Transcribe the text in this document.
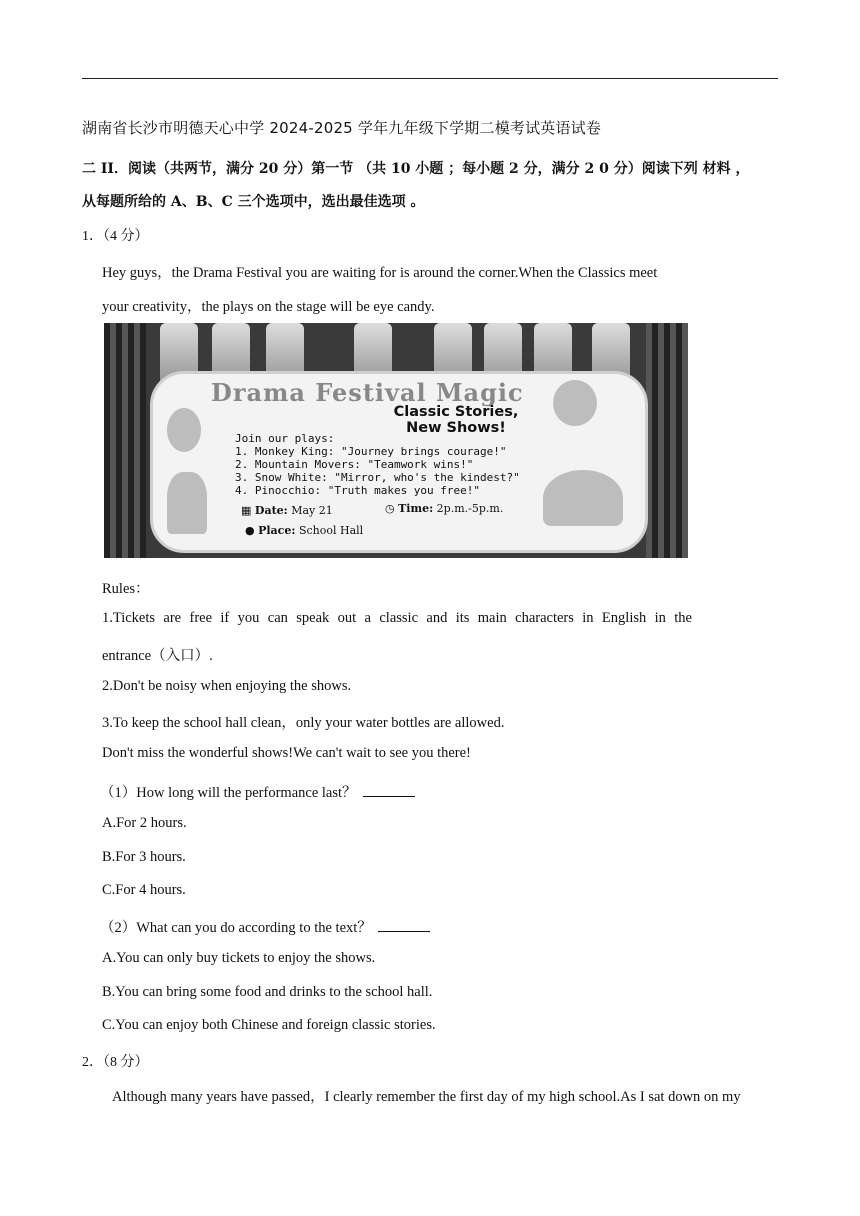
湖南省长沙市明德天心中学 2024-2025 学年九年级下学期二模考试英语试卷
二 II．阅读（共两节，满分 20 分）第一节 （共 10 小题 ；每小题 2 分，满分 2 0 分）阅读下列 材料 ，
从每题所给的 A、B、C 三个选项中，选出最佳选项 。
1．（4 分）
Hey guys，the Drama Festival you are waiting for is around the corner.When the Classics meet
your creativity，the plays on the stage will be eye candy.
Drama Festival Magic
Classic Stories, New Shows!
Join our plays:
1. Monkey King: "Journey brings courage!"
2. Mountain Movers: "Teamwork wins!"
3. Snow White: "Mirror, who's the kindest?"
4. Pinocchio: "Truth makes you free!"
▦ Date: May 21	◷ Time: 2p.m.-5p.m.
● Place: School Hall
Rules：
1.Tickets are free if you can speak out a classic and its main characters in English in the
entrance（入口）.
2.Don't be noisy when enjoying the shows.
3.To keep the school hall clean，only your water bottles are allowed.
Don't miss the wonderful shows!We can't wait to see you there!
（1）How long will the performance last？
A.For 2 hours.
B.For 3 hours.
C.For 4 hours.
（2）What can you do according to the text？
A.You can only buy tickets to enjoy the shows.
B.You can bring some food and drinks to the school hall.
C.You can enjoy both Chinese and foreign classic stories.
2．（8 分）
Although many years have passed，I clearly remember the first day of my high school.As I sat down on my
